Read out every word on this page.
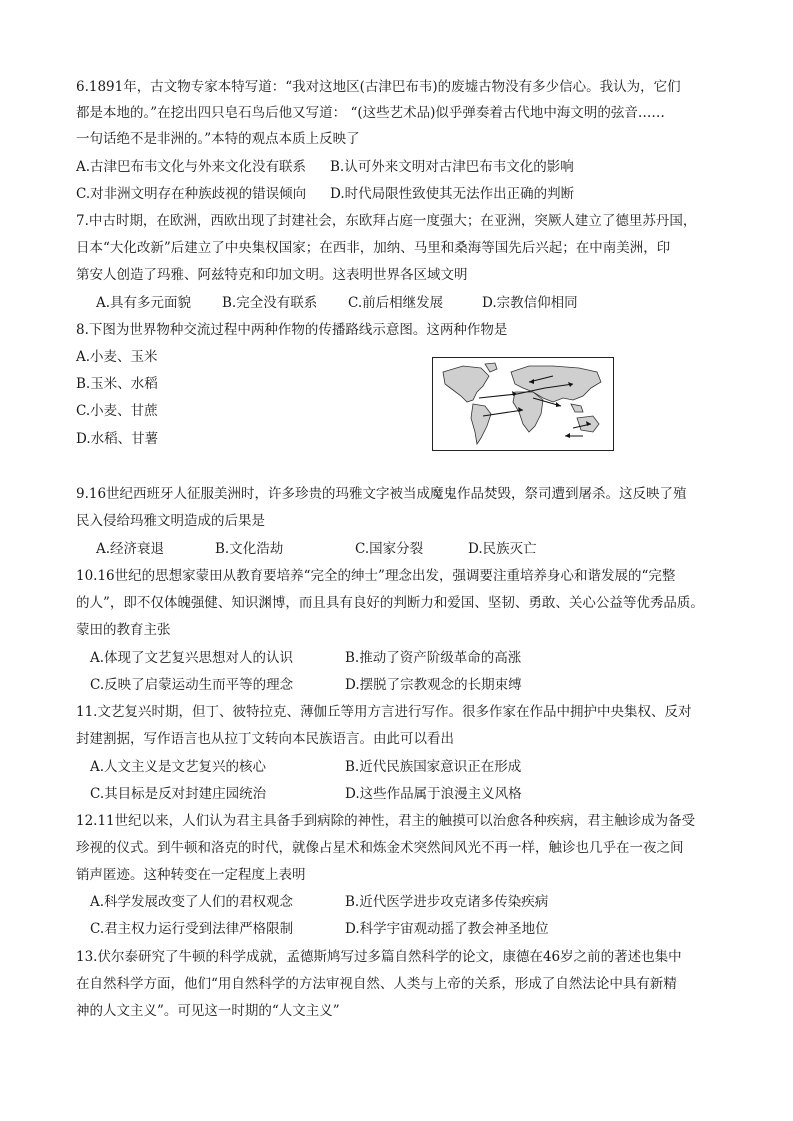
6.1891年，古文物专家本特写道：“我对这地区(古津巴布韦)的废墟古物没有多少信心。我认为，它们
都是本地的。”在挖出四只皂石鸟后他又写道： “(这些艺术品)似乎弹奏着古代地中海文明的弦音……
一句话绝不是非洲的。”本特的观点本质上反映了
A.古津巴布韦文化与外来文化没有联系 B.认可外来文明对古津巴布韦文化的影响
C.对非洲文明存在种族歧视的错误倾向 D.时代局限性致使其无法作出正确的判断
7.中古时期，在欧洲，西欧出现了封建社会，东欧拜占庭一度强大；在亚洲，突厥人建立了德里苏丹国，
日本“大化改新”后建立了中央集权国家；在西非，加纳、马里和桑海等国先后兴起；在中南美洲，印
第安人创造了玛雅、阿兹特克和印加文明。这表明世界各区域文明
A.具有多元面貌 B.完全没有联系 C.前后相继发展	D.宗教信仰相同
8.下图为世界物种交流过程中两种作物的传播路线示意图。这两种作物是
A.小麦、玉米
B.玉米、水稻
C.小麦、甘蔗
D.水稻、甘薯
9.16世纪西班牙人征服美洲时，许多珍贵的玛雅文字被当成魔鬼作品焚毁，祭司遭到屠杀。这反映了殖
民入侵给玛雅文明造成的后果是
A.经济衰退	B.文化浩劫	C.国家分裂	D.民族灭亡
10.16世纪的思想家蒙田从教育要培养“完全的绅士”理念出发，强调要注重培养身心和谐发展的“完整
的人”，即不仅体魄强健、知识渊博，而且具有良好的判断力和爱国、坚韧、勇敢、关心公益等优秀品质。
蒙田的教育主张
A.体现了文艺复兴思想对人的认识	B.推动了资产阶级革命的高涨
C.反映了启蒙运动生而平等的理念	D.摆脱了宗教观念的长期束缚
11.文艺复兴时期，但丁、彼特拉克、薄伽丘等用方言进行写作。很多作家在作品中拥护中央集权、反对
封建割据，写作语言也从拉丁文转向本民族语言。由此可以看出
A.人文主义是文艺复兴的核心	B.近代民族国家意识正在形成
C.其目标是反对封建庄园统治	D.这些作品属于浪漫主义风格
12.11世纪以来，人们认为君主具备手到病除的神性，君主的触摸可以治愈各种疾病，君主触诊成为备受
珍视的仪式。到牛顿和洛克的时代，就像占星术和炼金术突然间风光不再一样，触诊也几乎在一夜之间
销声匿迹。这种转变在一定程度上表明
A.科学发展改变了人们的君权观念	B.近代医学进步攻克诸多传染疾病
C.君主权力运行受到法律严格限制	D.科学宇宙观动摇了教会神圣地位
13.伏尔泰研究了牛顿的科学成就，孟德斯鸠写过多篇自然科学的论文，康德在46岁之前的著述也集中
在自然科学方面，他们“用自然科学的方法审视自然、人类与上帝的关系，形成了自然法论中具有新精
神的人文主义”。可见这一时期的“人文主义”
